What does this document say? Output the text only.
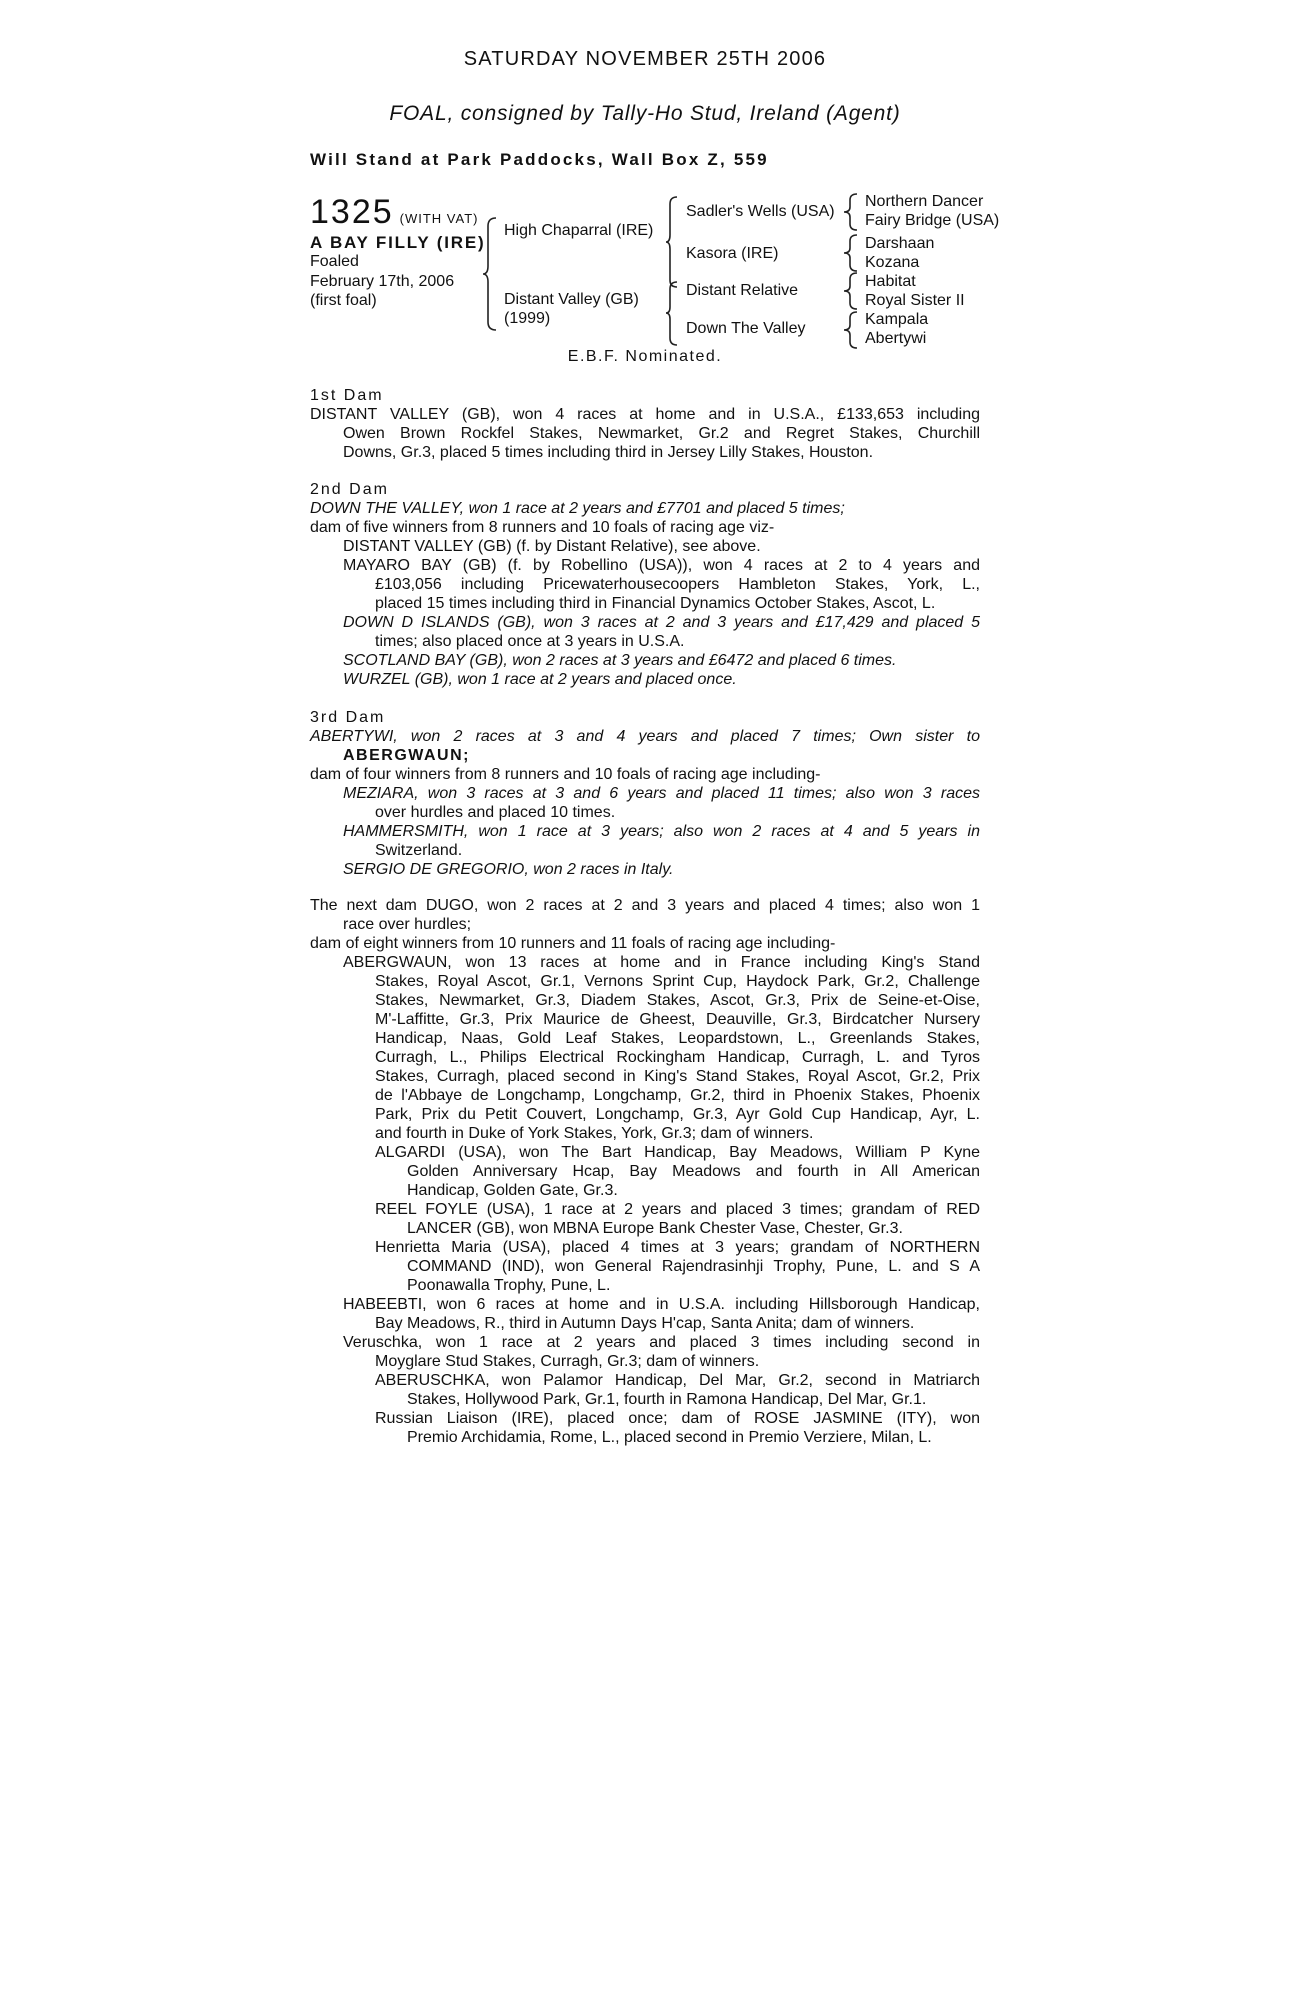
SATURDAY NOVEMBER 25TH 2006
FOAL, consigned by Tally-Ho Stud, Ireland (Agent)
Will Stand at Park Paddocks, Wall Box Z, 559
1325 (WITH VAT)
A BAY FILLY (IRE)
Foaled
February 17th, 2006
(first foal)
High Chaparral (IRE)
Distant Valley (GB)
(1999)
Sadler's Wells (USA)
Kasora (IRE)
Distant Relative
Down The Valley
Northern Dancer
Fairy Bridge (USA)
Darshaan
Kozana
Habitat
Royal Sister II
Kampala
Abertywi
E.B.F. Nominated.
1st Dam
DISTANT VALLEY (GB), won 4 races at home and in U.S.A., £133,653 including
Owen Brown Rockfel Stakes, Newmarket, Gr.2 and Regret Stakes, Churchill
Downs, Gr.3, placed 5 times including third in Jersey Lilly Stakes, Houston.
2nd Dam
DOWN THE VALLEY, won 1 race at 2 years and £7701 and placed 5 times;
dam of five winners from 8 runners and 10 foals of racing age viz-
DISTANT VALLEY (GB) (f. by Distant Relative), see above.
MAYARO BAY (GB) (f. by Robellino (USA)), won 4 races at 2 to 4 years and
£103,056 including Pricewaterhousecoopers Hambleton Stakes, York, L.,
placed 15 times including third in Financial Dynamics October Stakes, Ascot, L.
DOWN D ISLANDS (GB), won 3 races at 2 and 3 years and £17,429 and placed 5
times; also placed once at 3 years in U.S.A.
SCOTLAND BAY (GB), won 2 races at 3 years and £6472 and placed 6 times.
WURZEL (GB), won 1 race at 2 years and placed once.
3rd Dam
ABERTYWI, won 2 races at 3 and 4 years and placed 7 times; Own sister to
ABERGWAUN;
dam of four winners from 8 runners and 10 foals of racing age including-
MEZIARA, won 3 races at 3 and 6 years and placed 11 times; also won 3 races
over hurdles and placed 10 times.
HAMMERSMITH, won 1 race at 3 years; also won 2 races at 4 and 5 years in
Switzerland.
SERGIO DE GREGORIO, won 2 races in Italy.
The next dam DUGO, won 2 races at 2 and 3 years and placed 4 times; also won 1
race over hurdles;
dam of eight winners from 10 runners and 11 foals of racing age including-
ABERGWAUN, won 13 races at home and in France including King's Stand
Stakes, Royal Ascot, Gr.1, Vernons Sprint Cup, Haydock Park, Gr.2, Challenge
Stakes, Newmarket, Gr.3, Diadem Stakes, Ascot, Gr.3, Prix de Seine-et-Oise,
M'-Laffitte, Gr.3, Prix Maurice de Gheest, Deauville, Gr.3, Birdcatcher Nursery
Handicap, Naas, Gold Leaf Stakes, Leopardstown, L., Greenlands Stakes,
Curragh, L., Philips Electrical Rockingham Handicap, Curragh, L. and Tyros
Stakes, Curragh, placed second in King's Stand Stakes, Royal Ascot, Gr.2, Prix
de l'Abbaye de Longchamp, Longchamp, Gr.2, third in Phoenix Stakes, Phoenix
Park, Prix du Petit Couvert, Longchamp, Gr.3, Ayr Gold Cup Handicap, Ayr, L.
and fourth in Duke of York Stakes, York, Gr.3; dam of winners.
ALGARDI (USA), won The Bart Handicap, Bay Meadows, William P Kyne
Golden Anniversary Hcap, Bay Meadows and fourth in All American
Handicap, Golden Gate, Gr.3.
REEL FOYLE (USA), 1 race at 2 years and placed 3 times; grandam of RED
LANCER (GB), won MBNA Europe Bank Chester Vase, Chester, Gr.3.
Henrietta Maria (USA), placed 4 times at 3 years; grandam of NORTHERN
COMMAND (IND), won General Rajendrasinhji Trophy, Pune, L. and S A
Poonawalla Trophy, Pune, L.
HABEEBTI, won 6 races at home and in U.S.A. including Hillsborough Handicap,
Bay Meadows, R., third in Autumn Days H'cap, Santa Anita; dam of winners.
Veruschka, won 1 race at 2 years and placed 3 times including second in
Moyglare Stud Stakes, Curragh, Gr.3; dam of winners.
ABERUSCHKA, won Palamor Handicap, Del Mar, Gr.2, second in Matriarch
Stakes, Hollywood Park, Gr.1, fourth in Ramona Handicap, Del Mar, Gr.1.
Russian Liaison (IRE), placed once; dam of ROSE JASMINE (ITY), won
Premio Archidamia, Rome, L., placed second in Premio Verziere, Milan, L.
